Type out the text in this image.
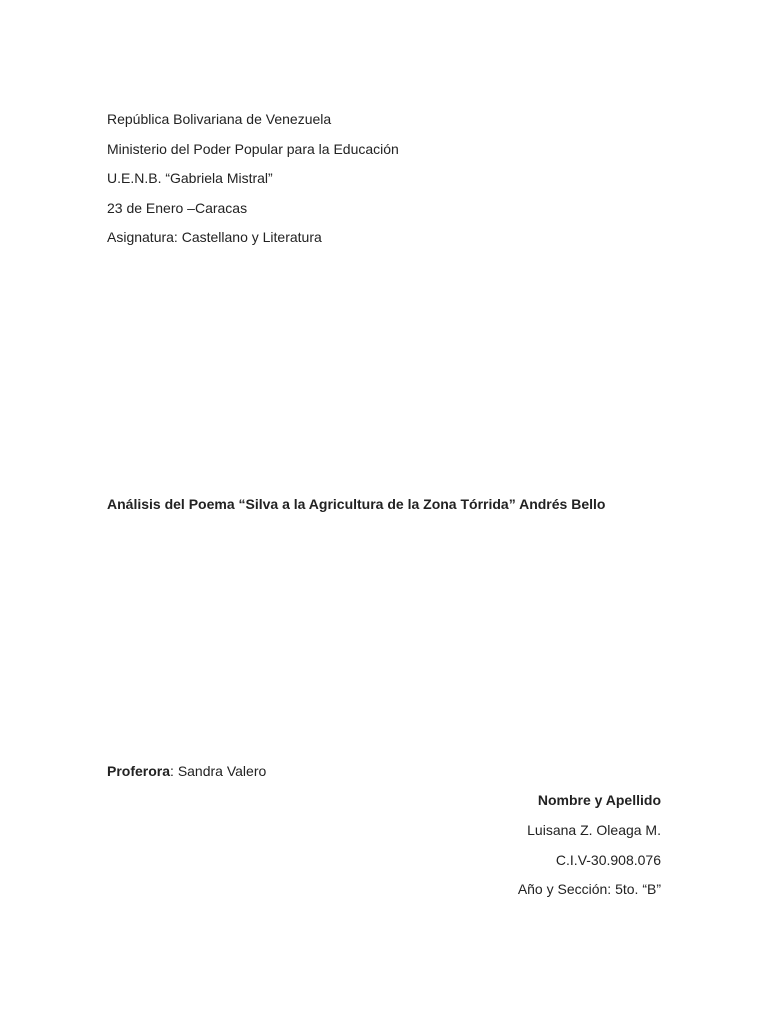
República Bolivariana de Venezuela
Ministerio del Poder Popular para la Educación
U.E.N.B. “Gabriela Mistral”
23 de Enero –Caracas
Asignatura: Castellano y Literatura
Análisis del Poema “Silva a la Agricultura de la Zona Tórrida” Andrés Bello
Proferora: Sandra Valero
Nombre y Apellido
Luisana Z. Oleaga M.
C.I.V-30.908.076
Año y Sección: 5to. “B”
